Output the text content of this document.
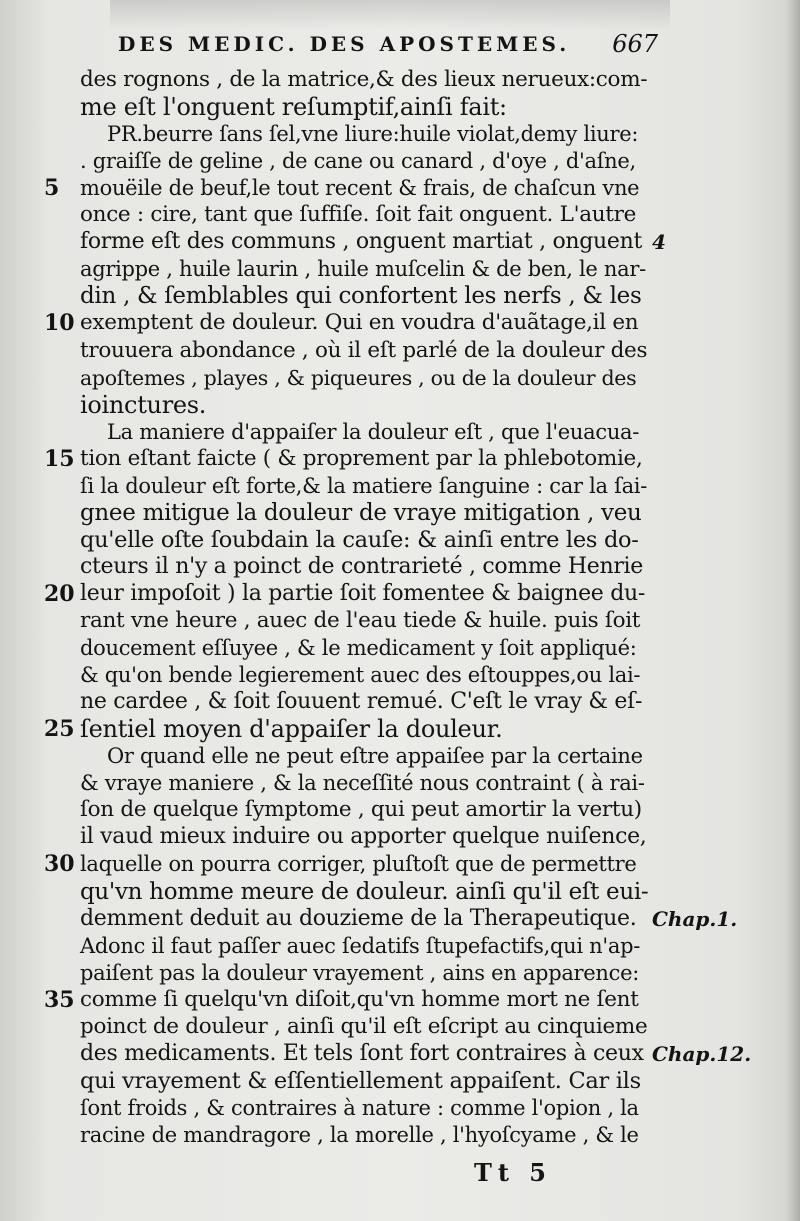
DES MEDIC. DES APOSTEMES. 667
des rognons , de la matrice,& des lieux nerueux:com-
me eſt l'onguent reſumptif,ainſi fait:
PR.beurre ſans ſel,vne liure:huile violat,demy liure:
. graiſſe de geline , de cane ou canard , d'oye , d'aſne,
mouëile de beuf,le tout recent & frais, de chaſcun vne
5
once : cire, tant que ſuffiſe. ſoit fait onguent. L'autre
forme eſt des communs , onguent martiat , onguent
agrippe , huile laurin , huile muſcelin & de ben, le nar-
din , & ſemblables qui confortent les nerfs , & les
exemptent de douleur. Qui en voudra d'auãtage,il en
10
trouuera abondance , où il eſt parlé de la douleur des
apoſtemes , playes , & piqueures , ou de la douleur des
ioinctures.
La maniere d'appaiſer la douleur eſt , que l'euacua-
tion eſtant faicte ( & proprement par la phlebotomie,
15
ſi la douleur eſt forte,& la matiere ſanguine : car la ſai-
gnee mitigue la douleur de vraye mitigation , veu
qu'elle oſte ſoubdain la cauſe: & ainſi entre les do-
cteurs il n'y a poinct de contrarieté , comme Henrie
leur impoſoit ) la partie ſoit fomentee & baignee du-
20
rant vne heure , auec de l'eau tiede & huile. puis ſoit
doucement eſſuyee , & le medicament y ſoit appliqué:
& qu'on bende legierement auec des eſtouppes,ou lai-
ne cardee , & ſoit ſouuent remué. C'eſt le vray & eſ-
ſentiel moyen d'appaiſer la douleur.
25
Or quand elle ne peut eſtre appaiſee par la certaine
& vraye maniere , & la neceſſité nous contraint ( à rai-
ſon de quelque ſymptome , qui peut amortir la vertu)
il vaud mieux induire ou apporter quelque nuiſence,
laquelle on pourra corriger, pluſtoſt que de permettre
30
qu'vn homme meure de douleur. ainſi qu'il eſt eui-
demment deduit au douzieme de la Therapeutique.
Adonc il faut paſſer auec ſedatifs ſtupefactifs,qui n'ap-
paiſent pas la douleur vrayement , ains en apparence:
comme ſi quelqu'vn diſoit,qu'vn homme mort ne ſent
35
poinct de douleur , ainſi qu'il eſt eſcript au cinquieme
des medicaments. Et tels ſont fort contraires à ceux
qui vrayement & eſſentiellement appaiſent. Car ils
ſont froids , & contraires à nature : comme l'opion , la
racine de mandragore , la morelle , l'hyoſcyame , & le
4
Chap.1.
Chap.12.
Tt 5
